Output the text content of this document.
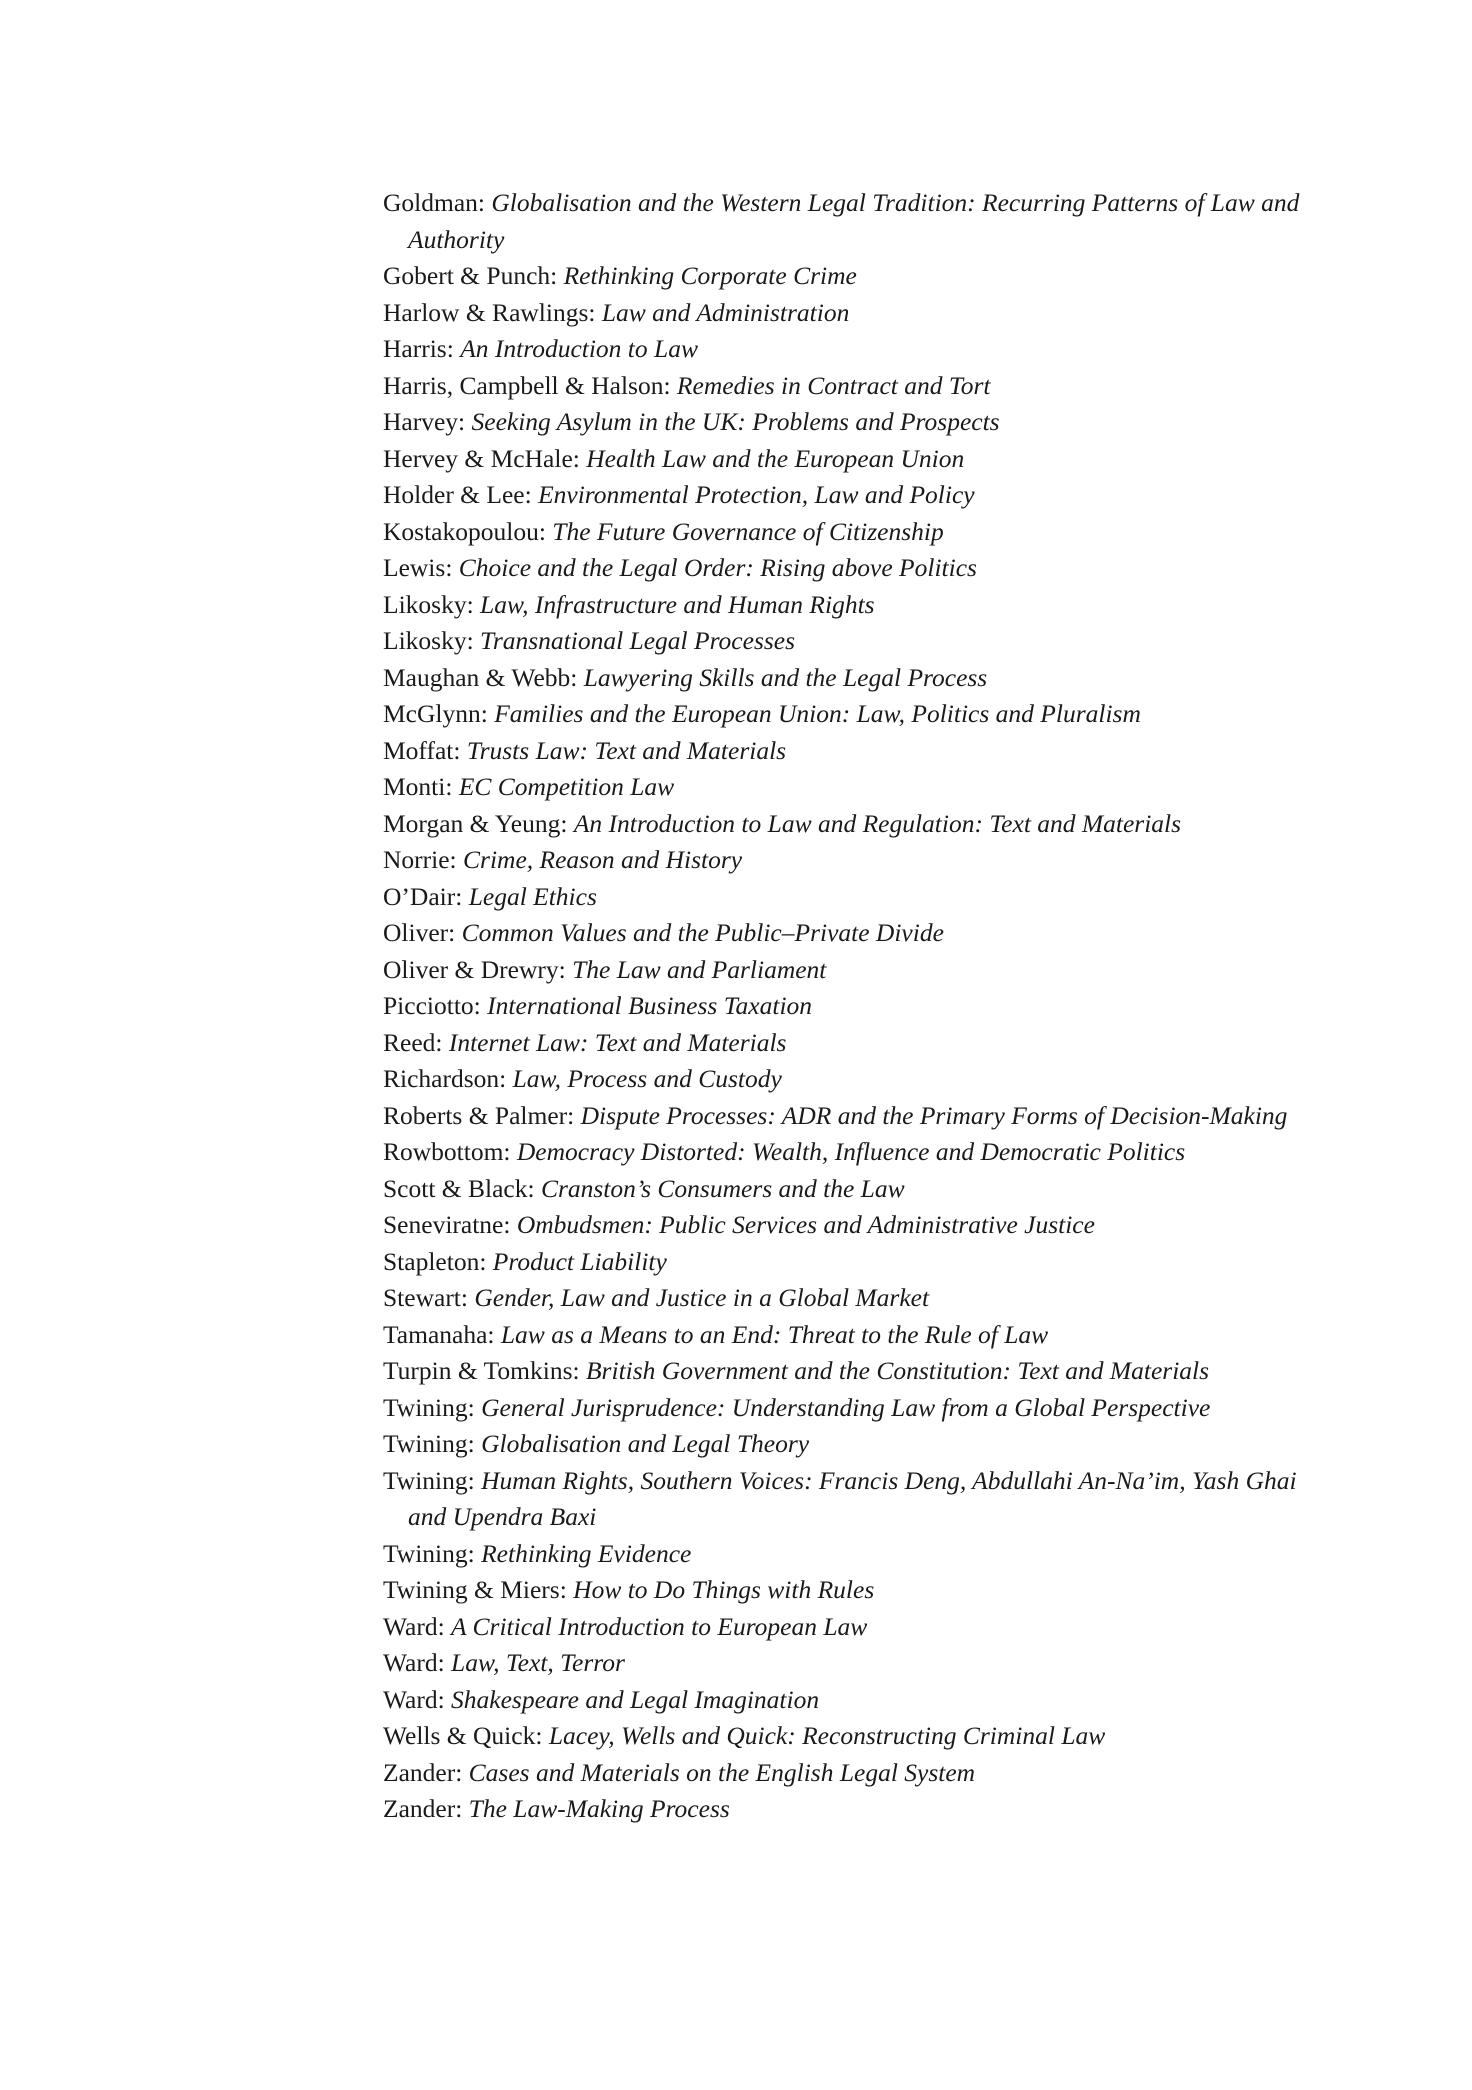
Goldman: Globalisation and the Western Legal Tradition: Recurring Patterns of Law and Authority
Gobert & Punch: Rethinking Corporate Crime
Harlow & Rawlings: Law and Administration
Harris: An Introduction to Law
Harris, Campbell & Halson: Remedies in Contract and Tort
Harvey: Seeking Asylum in the UK: Problems and Prospects
Hervey & McHale: Health Law and the European Union
Holder & Lee: Environmental Protection, Law and Policy
Kostakopoulou: The Future Governance of Citizenship
Lewis: Choice and the Legal Order: Rising above Politics
Likosky: Law, Infrastructure and Human Rights
Likosky: Transnational Legal Processes
Maughan & Webb: Lawyering Skills and the Legal Process
McGlynn: Families and the European Union: Law, Politics and Pluralism
Moffat: Trusts Law: Text and Materials
Monti: EC Competition Law
Morgan & Yeung: An Introduction to Law and Regulation: Text and Materials
Norrie: Crime, Reason and History
O’Dair: Legal Ethics
Oliver: Common Values and the Public–Private Divide
Oliver & Drewry: The Law and Parliament
Picciotto: International Business Taxation
Reed: Internet Law: Text and Materials
Richardson: Law, Process and Custody
Roberts & Palmer: Dispute Processes: ADR and the Primary Forms of Decision-Making
Rowbottom: Democracy Distorted: Wealth, Influence and Democratic Politics
Scott & Black: Cranston’s Consumers and the Law
Seneviratne: Ombudsmen: Public Services and Administrative Justice
Stapleton: Product Liability
Stewart: Gender, Law and Justice in a Global Market
Tamanaha: Law as a Means to an End: Threat to the Rule of Law
Turpin & Tomkins: British Government and the Constitution: Text and Materials
Twining: General Jurisprudence: Understanding Law from a Global Perspective
Twining: Globalisation and Legal Theory
Twining: Human Rights, Southern Voices: Francis Deng, Abdullahi An-Na’im, Yash Ghai and Upendra Baxi
Twining: Rethinking Evidence
Twining & Miers: How to Do Things with Rules
Ward: A Critical Introduction to European Law
Ward: Law, Text, Terror
Ward: Shakespeare and Legal Imagination
Wells & Quick: Lacey, Wells and Quick: Reconstructing Criminal Law
Zander: Cases and Materials on the English Legal System
Zander: The Law-Making Process
